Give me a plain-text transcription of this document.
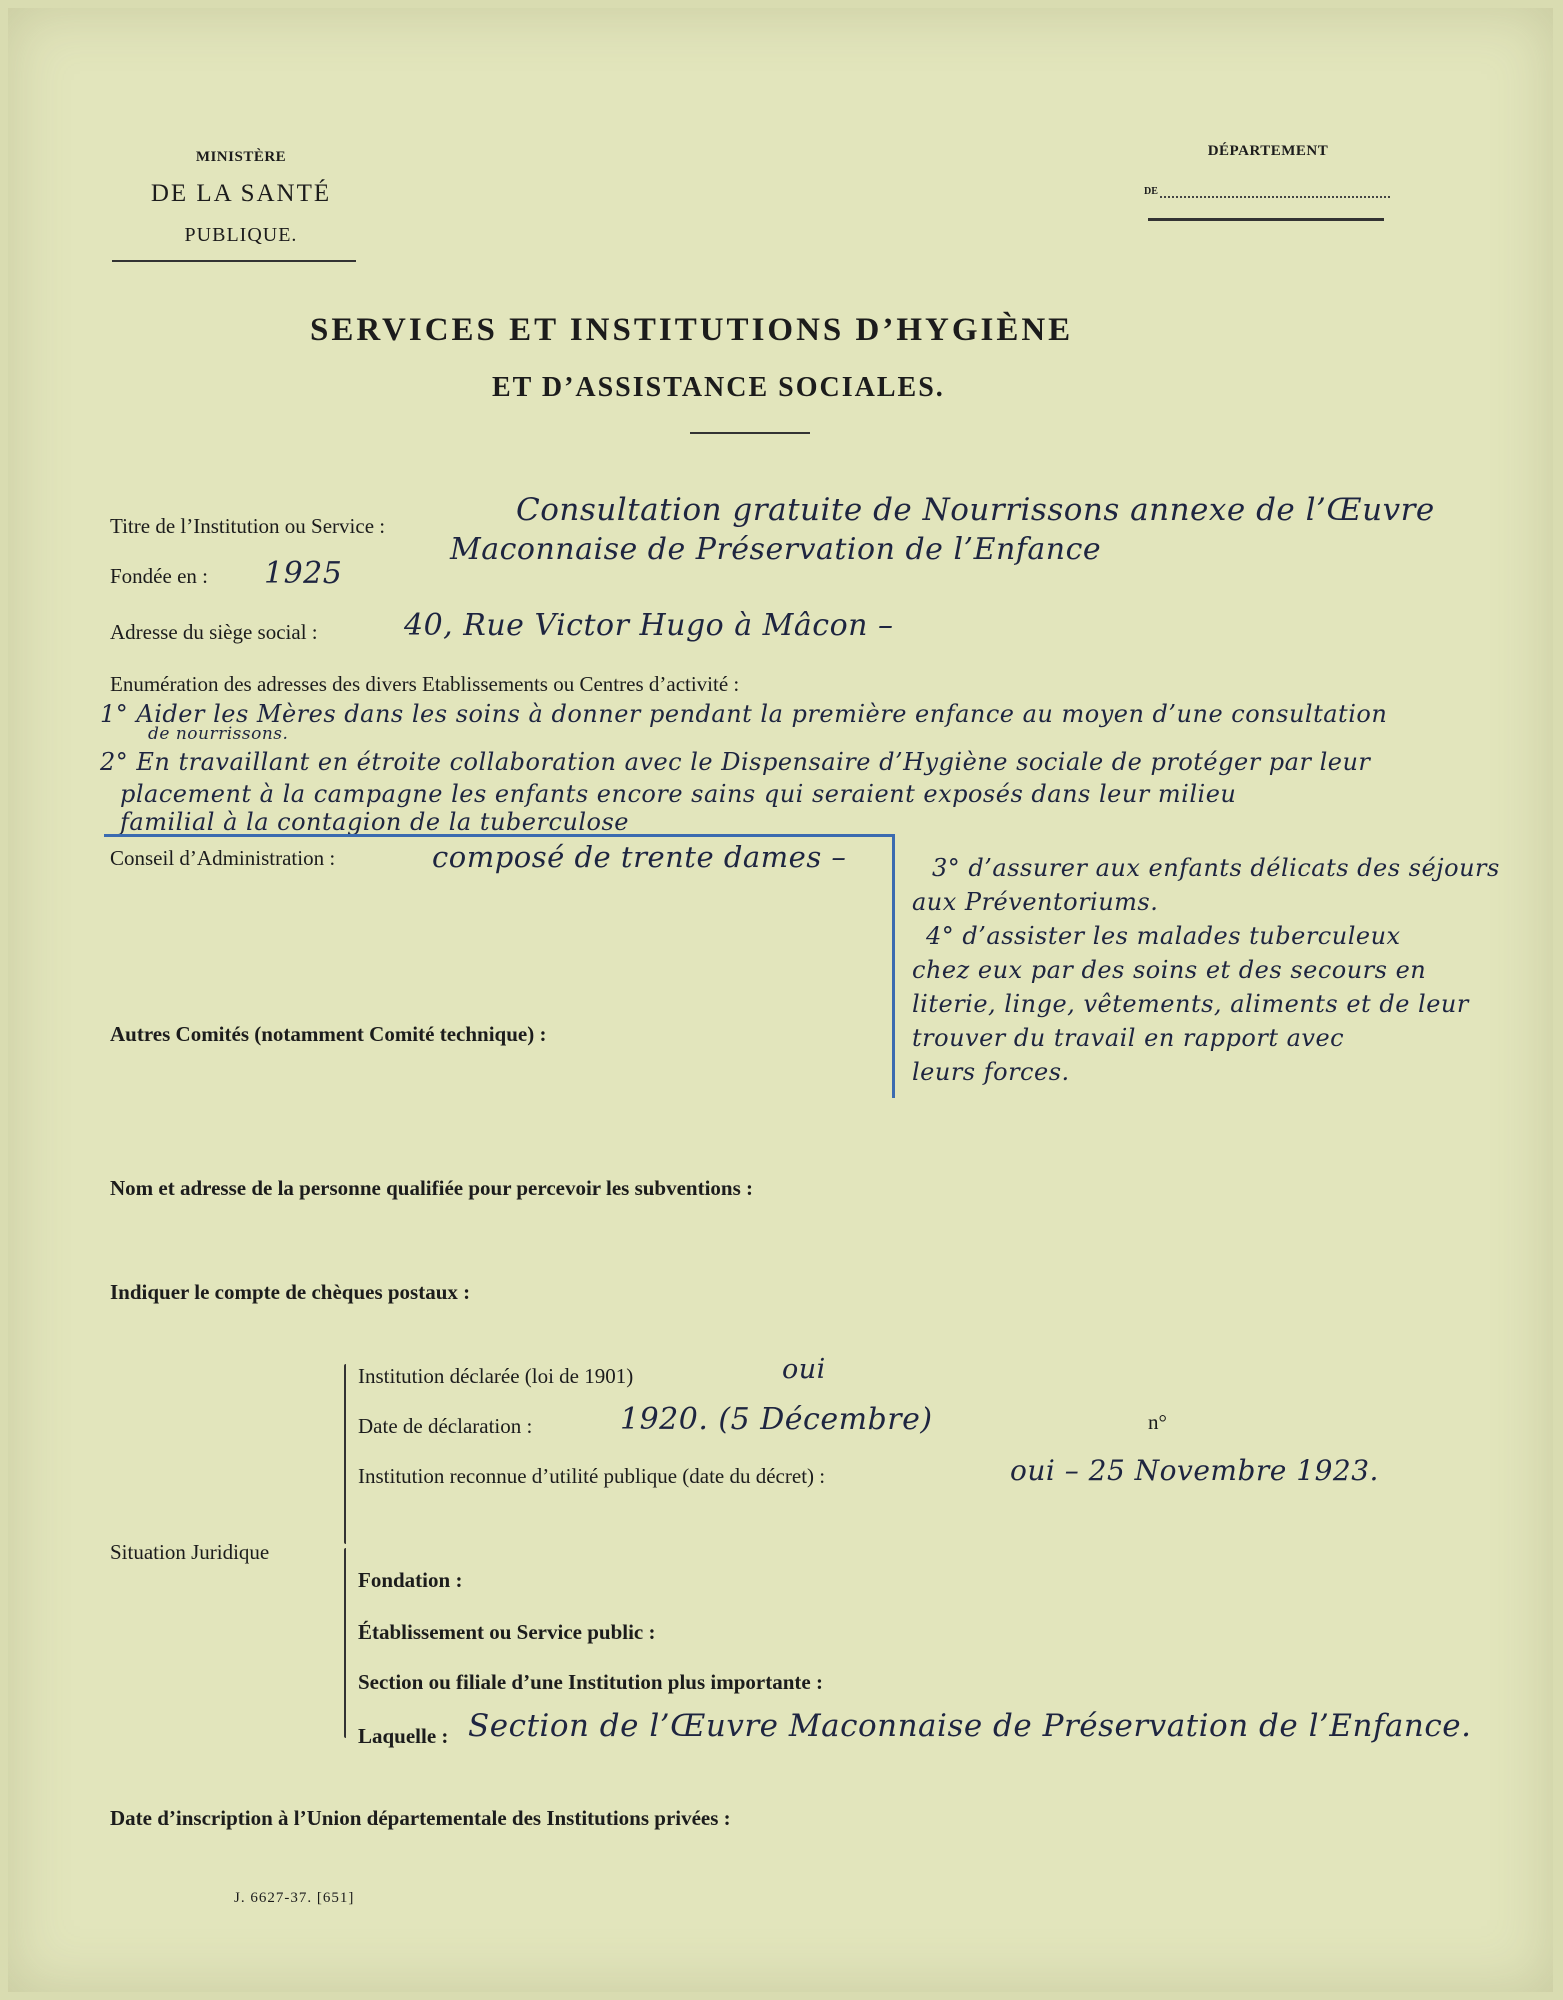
MINISTÈRE
DE LA SANTÉ
PUBLIQUE.
DÉPARTEMENT
DE
SERVICES ET INSTITUTIONS D’HYGIÈNE
ET D’ASSISTANCE SOCIALES.
Titre de l’Institution ou Service :	Consultation gratuite de Nourrissons annexe de l’Œuvre
Maconnaise de Préservation de l’Enfance
Fondée en : 1925
Adresse du siège social :	40, Rue Victor Hugo à Mâcon –
Enumération des adresses des divers Etablissements ou Centres d’activité :
1° Aider les Mères dans les soins à donner pendant la première enfance au moyen d’une consultation
de nourrissons.
2° En travaillant en étroite collaboration avec le Dispensaire d’Hygiène sociale de protéger par leur
placement à la campagne les enfants encore sains qui seraient exposés dans leur milieu
familial à la contagion de la tuberculose
Conseil d’Administration :	composé de trente dames –	3° d’assurer aux enfants délicats des séjours
aux Préventoriums.
4° d’assister les malades tuberculeux
chez eux par des soins et des secours en
literie, linge, vêtements, aliments et de leur
trouver du travail en rapport avec
leurs forces.
Autres Comités (notamment Comité technique) :
Nom et adresse de la personne qualifiée pour percevoir les subventions :
Indiquer le compte de chèques postaux :
Situation Juridique
Institution déclarée (loi de 1901)	oui
Date de déclaration :	1920. (5 Décembre)	n°
Institution reconnue d’utilité publique (date du décret) :	oui – 25 Novembre 1923.
Fondation :
Établissement ou Service public :
Section ou filiale d’une Institution plus importante :
Laquelle : Section de l’Œuvre Maconnaise de Préservation de l’Enfance.
Date d’inscription à l’Union départementale des Institutions privées :
J. 6627-37. [651]
